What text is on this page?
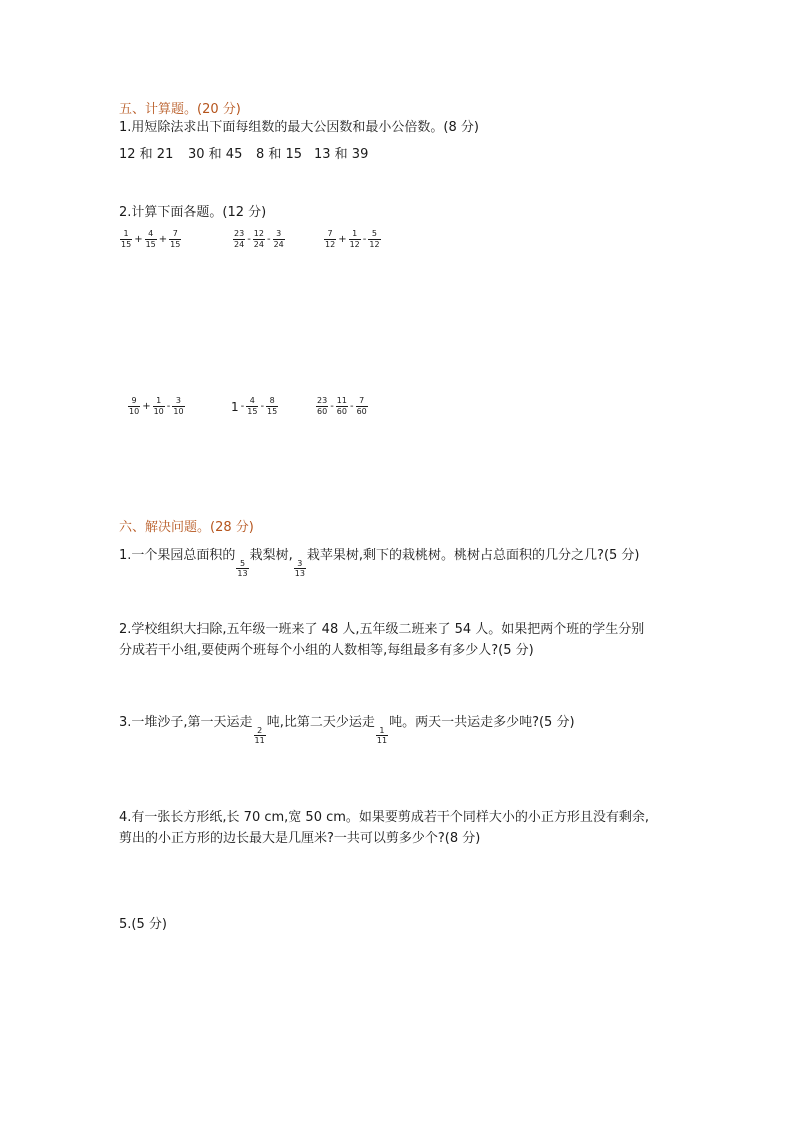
五、计算题。(20 分)
1.用短除法求出下面每组数的最大公因数和最小公倍数。(8 分)
12 和 21 30 和 45 8 和 15 13 和 39
2.计算下面各题。(12 分)
$\frac{1}{15} + \frac{4}{15} + \frac{7}{15}$	$\frac{23}{24} - \frac{12}{24} - \frac{3}{24}$	$\frac{7}{12} + \frac{1}{12} - \frac{5}{12}$
$\frac{9}{10} + \frac{1}{10} - \frac{3}{10}$	$1 - \frac{4}{15} - \frac{8}{15}$	$\frac{23}{60} - \frac{11}{60} - \frac{7}{60}$
六、解决问题。(28 分)
1.一个果园总面积的
$\frac{5}{13}$
栽梨树,
$\frac{3}{13}$
栽苹果树,剩下的栽桃树。桃树占总面积的几分之几?(5 分)
2.学校组织大扫除,五年级一班来了 48 人,五年级二班来了 54 人。如果把两个班的学生分别
分成若干小组,要使两个班每个小组的人数相等,每组最多有多少人?(5 分)
3.一堆沙子,第一天运走
$\frac{2}{11}$
吨,比第二天少运走
$\frac{1}{11}$
吨。两天一共运走多少吨?(5 分)
4.有一张长方形纸,长 70 cm,宽 50 cm。如果要剪成若干个同样大小的小正方形且没有剩余,
剪出的小正方形的边长最大是几厘米?一共可以剪多少个?(8 分)
5.(5 分)
